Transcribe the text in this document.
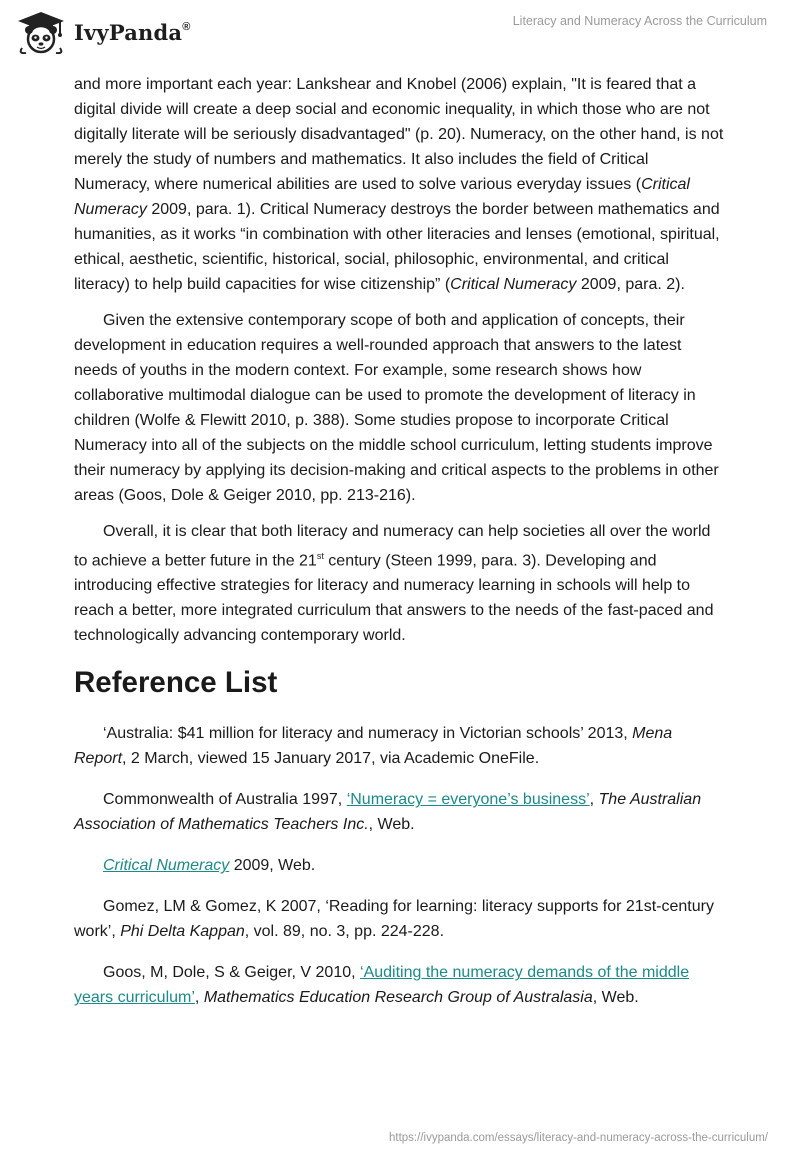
IvyPanda®	Literacy and Numeracy Across the Curriculum

and more important each year: Lankshear and Knobel (2006) explain, "It is feared that a digital divide will create a deep social and economic inequality, in which those who are not digitally literate will be seriously disadvantaged" (p. 20). Numeracy, on the other hand, is not merely the study of numbers and mathematics. It also includes the field of Critical Numeracy, where numerical abilities are used to solve various everyday issues (Critical Numeracy 2009, para. 1). Critical Numeracy destroys the border between mathematics and humanities, as it works “in combination with other literacies and lenses (emotional, spiritual, ethical, aesthetic, scientific, historical, social, philosophic, environmental, and critical literacy) to help build capacities for wise citizenship” (Critical Numeracy 2009, para. 2).

Given the extensive contemporary scope of both and application of concepts, their development in education requires a well-rounded approach that answers to the latest needs of youths in the modern context. For example, some research shows how collaborative multimodal dialogue can be used to promote the development of literacy in children (Wolfe & Flewitt 2010, p. 388). Some studies propose to incorporate Critical Numeracy into all of the subjects on the middle school curriculum, letting students improve their numeracy by applying its decision-making and critical aspects to the problems in other areas (Goos, Dole & Geiger 2010, pp. 213-216).

Overall, it is clear that both literacy and numeracy can help societies all over the world to achieve a better future in the 21st century (Steen 1999, para. 3). Developing and introducing effective strategies for literacy and numeracy learning in schools will help to reach a better, more integrated curriculum that answers to the needs of the fast-paced and technologically advancing contemporary world.

Reference List

‘Australia: $41 million for literacy and numeracy in Victorian schools’ 2013, Mena Report, 2 March, viewed 15 January 2017, via Academic OneFile.

Commonwealth of Australia 1997, ‘Numeracy = everyone’s business’, The Australian Association of Mathematics Teachers Inc., Web.

Critical Numeracy 2009, Web.

Gomez, LM & Gomez, K 2007, ‘Reading for learning: literacy supports for 21st-century work’, Phi Delta Kappan, vol. 89, no. 3, pp. 224-228.

Goos, M, Dole, S & Geiger, V 2010, ‘Auditing the numeracy demands of the middle years curriculum’, Mathematics Education Research Group of Australasia, Web.

https://ivypanda.com/essays/literacy-and-numeracy-across-the-curriculum/
